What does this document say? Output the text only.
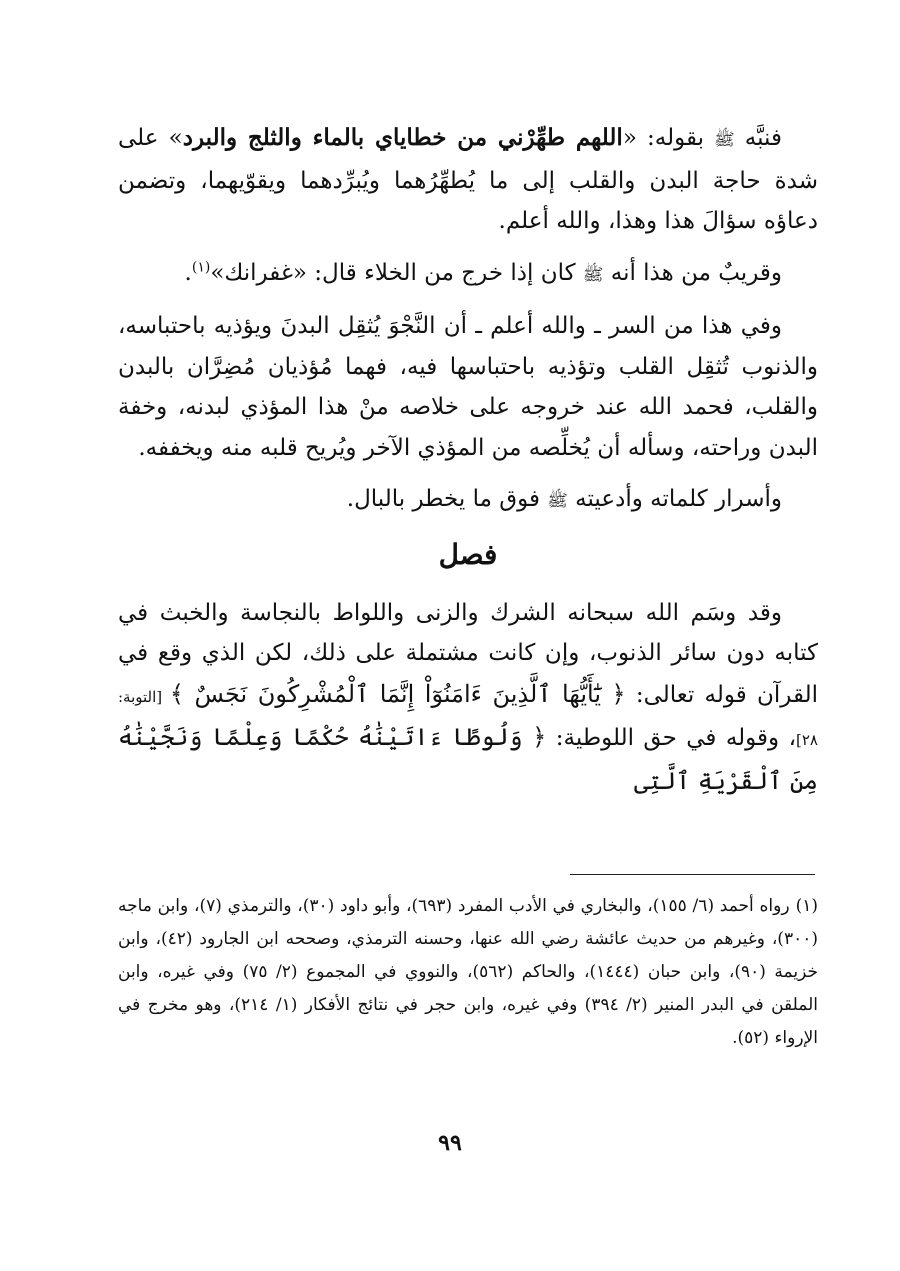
فنبَّه ﷺ بقوله: «اللهم طهِّرْني من خطاياي بالماء والثلج والبرد» على شدة حاجة البدن والقلب إلى ما يُطهِّرُهما ويُبرِّدهما ويقوّيهما، وتضمن دعاؤه سؤالَ هذا وهذا، والله أعلم.

وقريبٌ من هذا أنه ﷺ كان إذا خرج من الخلاء قال: «غفرانك»$^{(١)}$.

وفي هذا من السر ـ والله أعلم ـ أن النَّجْوَ يُثقِل البدنَ ويؤذيه باحتباسه، والذنوب تُثقِل القلب وتؤذيه باحتباسها فيه، فهما مُؤذيان مُضِرَّان بالبدن والقلب، فحمد الله عند خروجه على خلاصه منْ هذا المؤذي لبدنه، وخفة البدن وراحته، وسأله أن يُخلِّصه من المؤذي الآخر ويُريح قلبه منه ويخففه.

وأسرار كلماته وأدعيته ﷺ فوق ما يخطر بالبال.

فصل

وقد وسَم الله سبحانه الشرك والزنى واللواط بالنجاسة والخبث في كتابه دون سائر الذنوب، وإن كانت مشتملة على ذلك، لكن الذي وقع في القرآن قوله تعالى: ﴿ يَٰٓأَيُّهَا ٱلَّذِينَ ءَامَنُوٓاْ إِنَّمَا ٱلْمُشْرِكُونَ نَجَسٌ ﴾ [التوبة: ٢٨]، وقوله في حق اللوطية: ﴿ وَلُوطًا ءَاتَيْنَٰهُ حُكْمًا وَعِلْمًا وَنَجَّيْنَٰهُ مِنَ ٱلْقَرْيَةِ ٱلَّتِى

(١)رواه أحمد (٦/ ١٥٥)، والبخاري في الأدب المفرد (٦٩٣)، وأبو داود (٣٠)، والترمذي (٧)، وابن ماجه (٣٠٠)، وغيرهم من حديث عائشة رضي الله عنها، وحسنه الترمذي، وصححه ابن الجارود (٤٢)، وابن خزيمة (٩٠)، وابن حبان (١٤٤٤)، والحاكم (٥٦٢)، والنووي في المجموع (٢/ ٧٥) وفي غيره، وابن الملقن في البدر المنير (٢/ ٣٩٤) وفي غيره، وابن حجر في نتائج الأفكار (١/ ٢١٤)، وهو مخرج في الإرواء (٥٢).

٩٩
